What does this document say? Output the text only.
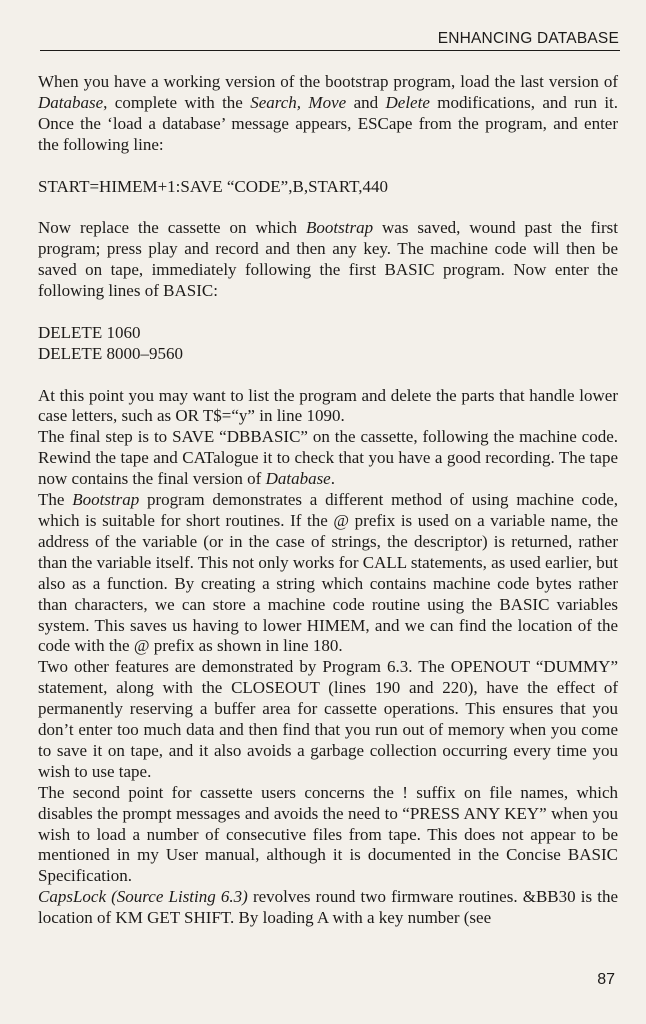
ENHANCING DATABASE

When you have a working version of the bootstrap program, load the last version of Database, complete with the Search, Move and Delete modifications, and run it. Once the ‘load a database’ message appears, ESCape from the program, and enter the following line:

START=HIMEM+1:SAVE “CODE”,B,START,440

Now replace the cassette on which Bootstrap was saved, wound past the first program; press play and record and then any key. The machine code will then be saved on tape, immediately following the first BASIC program. Now enter the following lines of BASIC:

DELETE 1060

DELETE 8000–9560

At this point you may want to list the program and delete the parts that handle lower case letters, such as OR T$=“y” in line 1090.

The final step is to SAVE “DBBASIC” on the cassette, following the machine code. Rewind the tape and CATalogue it to check that you have a good recording. The tape now contains the final version of Database.

The Bootstrap program demonstrates a different method of using machine code, which is suitable for short routines. If the @ prefix is used on a variable name, the address of the variable (or in the case of strings, the descriptor) is returned, rather than the variable itself. This not only works for CALL statements, as used earlier, but also as a function. By creating a string which contains machine code bytes rather than characters, we can store a machine code routine using the BASIC variables system. This saves us having to lower HIMEM, and we can find the location of the code with the @ prefix as shown in line 180.

Two other features are demonstrated by Program 6.3. The OPENOUT “DUMMY” statement, along with the CLOSEOUT (lines 190 and 220), have the effect of permanently reserving a buffer area for cassette operations. This ensures that you don’t enter too much data and then find that you run out of memory when you come to save it on tape, and it also avoids a garbage collection occurring every time you wish to use tape.

The second point for cassette users concerns the ! suffix on file names, which disables the prompt messages and avoids the need to “PRESS ANY KEY” when you wish to load a number of consecutive files from tape. This does not appear to be mentioned in my User manual, although it is documented in the Concise BASIC Specification.

CapsLock (Source Listing 6.3) revolves round two firmware routines. &BB30 is the location of KM GET SHIFT. By loading A with a key number (see

87
